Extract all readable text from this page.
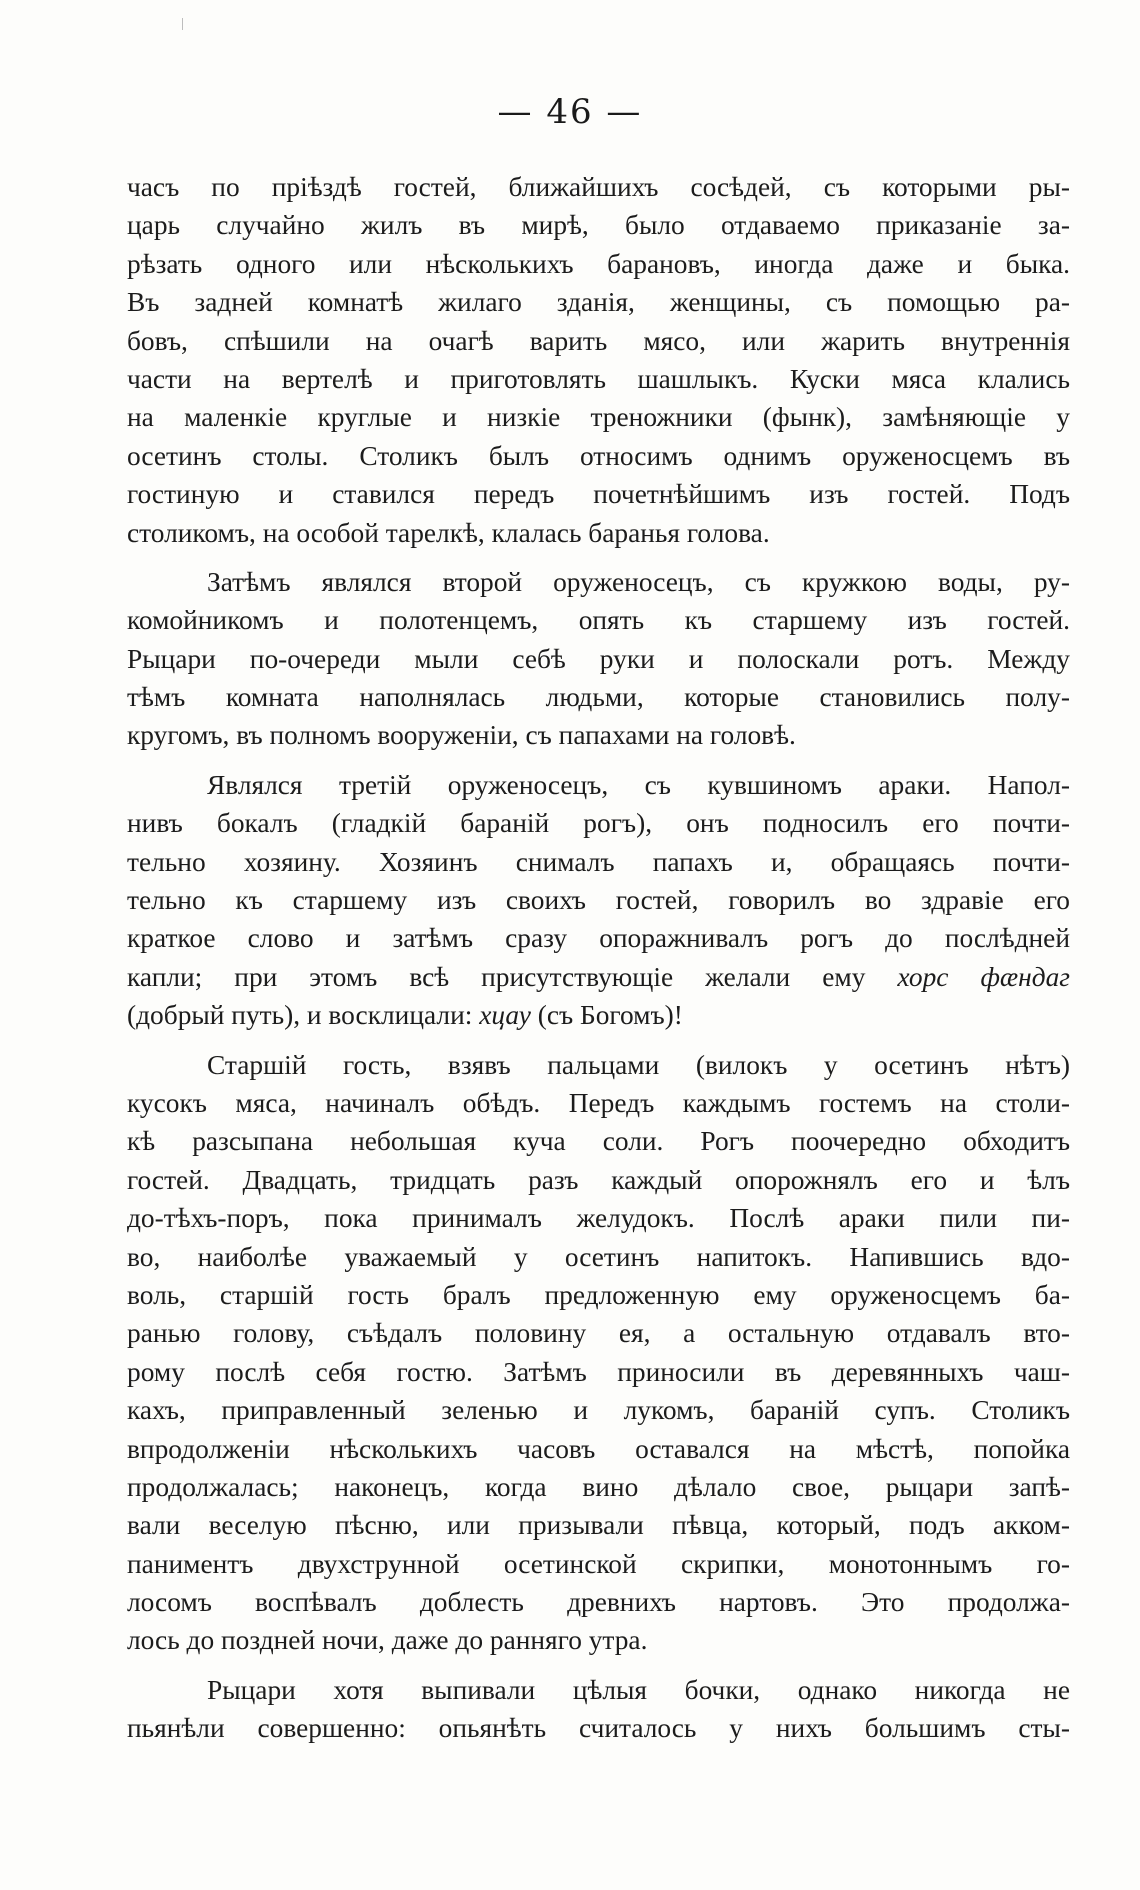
— 46 —
часъ по прiѣздѣ гостей, ближайшихъ сосѣдей, съ которыми ры-
царь случайно жилъ въ мирѣ, было отдаваемо приказанiе за-
рѣзать одного или нѣсколькихъ барановъ, иногда даже и быка.
Въ задней комнатѣ жилаго зданiя, женщины, съ помощью ра-
бовъ, спѣшили на очагѣ варить мясо, или жарить внутреннiя
части на вертелѣ и приготовлять шашлыкъ. Куски мяса клались
на маленкiе круглые и низкiе треножники (фынк), замѣняющiе у
осетинъ столы. Столикъ былъ относимъ однимъ оруженосцемъ въ
гостиную и ставился передъ почетнѣйшимъ изъ гостей. Подъ
столикомъ, на особой тарелкѣ, клалась баранья голова.
Затѣмъ являлся второй оруженосецъ, съ кружкою воды, ру-
комойникомъ и полотенцемъ, опять къ старшему изъ гостей.
Рыцари по-очереди мыли себѣ руки и полоскали ротъ. Между
тѣмъ комната наполнялась людьми, которые становились полу-
кругомъ, въ полномъ вооруженiи, съ папахами на головѣ.
Являлся третiй оруженосецъ, съ кувшиномъ араки. Напол-
нивъ бокалъ (гладкiй баранiй рогъ), онъ подносилъ его почти-
тельно хозяину. Хозяинъ снималъ папахъ и, обращаясь почти-
тельно къ старшему изъ своихъ гостей, говорилъ во здравiе его
краткое слово и затѣмъ сразу опоражнивалъ рогъ до послѣдней
капли; при этомъ всѣ присутствующiе желали ему хорс фӕндаг
(добрый путь), и восклицали: хцау (съ Богомъ)!
Старшiй гость, взявъ пальцами (вилокъ у осетинъ нѣтъ)
кусокъ мяса, начиналъ обѣдъ. Передъ каждымъ гостемъ на столи-
кѣ разсыпана небольшая куча соли. Рогъ поочередно обходитъ
гостей. Двадцать, тридцать разъ каждый опорожнялъ его и ѣлъ
до-тѣхъ-поръ, пока принималъ желудокъ. Послѣ араки пили пи-
во, наиболѣе уважаемый у осетинъ напитокъ. Напившись вдо-
воль, старшiй гость бралъ предложенную ему оруженосцемъ ба-
ранью голову, съѣдалъ половину ея, а остальную отдавалъ вто-
рому послѣ себя гостю. Затѣмъ приносили въ деревянныхъ чаш-
кахъ, приправленный зеленью и лукомъ, баранiй супъ. Столикъ
впродолженiи нѣсколькихъ часовъ оставался на мѣстѣ, попойка
продолжалась; наконецъ, когда вино дѣлало свое, рыцари запѣ-
вали веселую пѣсню, или призывали пѣвца, который, подъ акком-
паниментъ двухструнной осетинской скрипки, монотоннымъ го-
лосомъ воспѣвалъ доблесть древнихъ нартовъ. Это продолжа-
лось до поздней ночи, даже до ранняго утра.
Рыцари хотя выпивали цѣлыя бочки, однако никогда не
пьянѣли совершенно: опьянѣть считалось у нихъ большимъ сты-
